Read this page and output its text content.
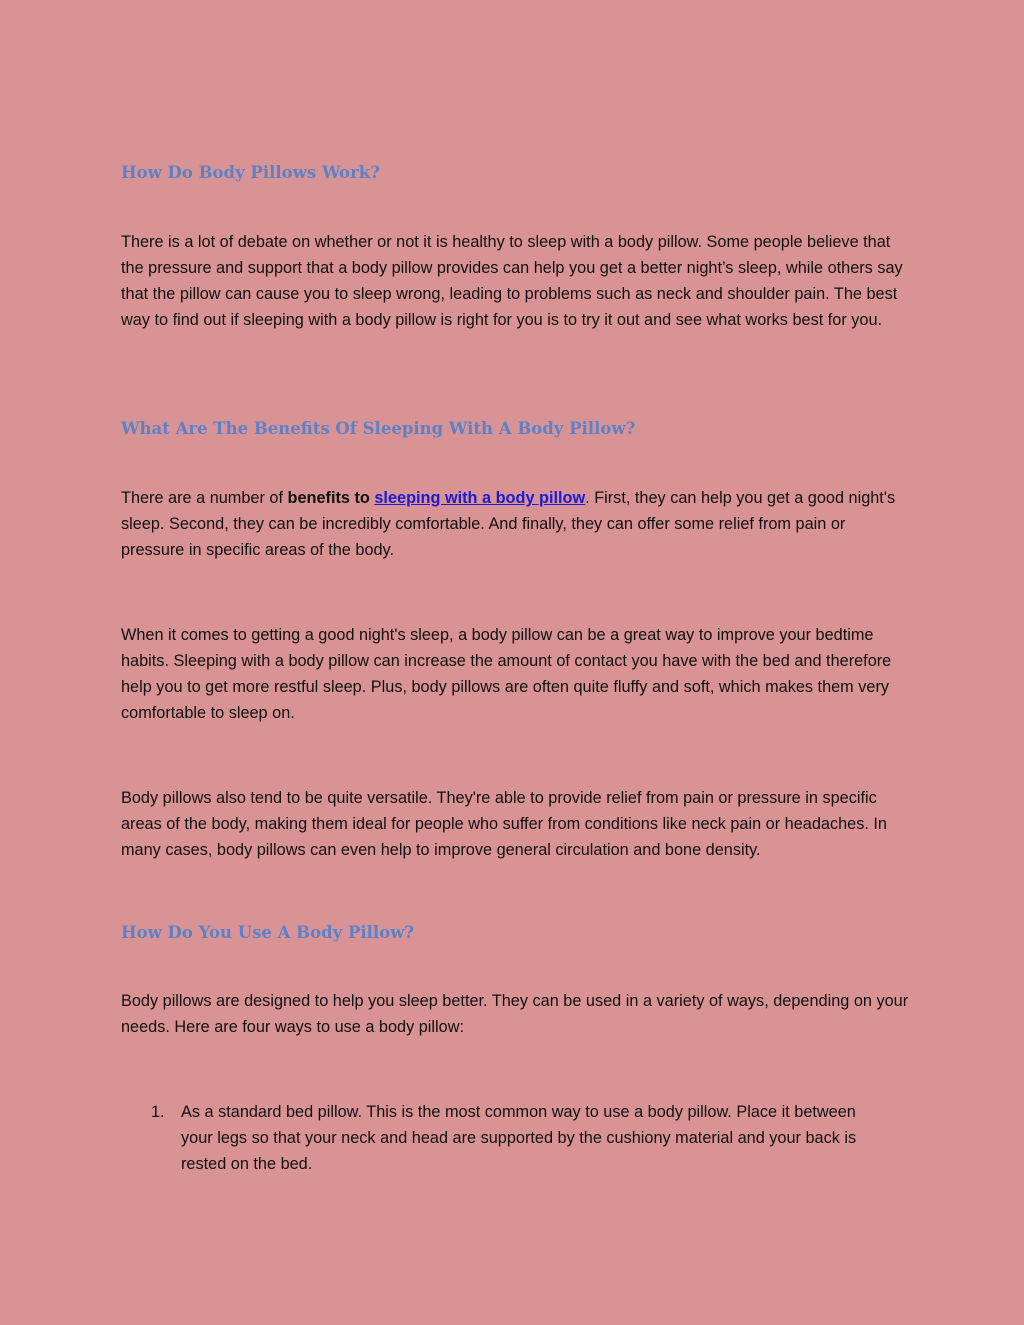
How Do Body Pillows Work?

There is a lot of debate on whether or not it is healthy to sleep with a body pillow. Some people believe that the pressure and support that a body pillow provides can help you get a better night’s sleep, while others say that the pillow can cause you to sleep wrong, leading to problems such as neck and shoulder pain. The best way to find out if sleeping with a body pillow is right for you is to try it out and see what works best for you.

What Are The Benefits Of Sleeping With A Body Pillow?

There are a number of benefits to sleeping with a body pillow. First, they can help you get a good night's sleep. Second, they can be incredibly comfortable. And finally, they can offer some relief from pain or pressure in specific areas of the body.

When it comes to getting a good night's sleep, a body pillow can be a great way to improve your bedtime habits. Sleeping with a body pillow can increase the amount of contact you have with the bed and therefore help you to get more restful sleep. Plus, body pillows are often quite fluffy and soft, which makes them very comfortable to sleep on.

Body pillows also tend to be quite versatile. They're able to provide relief from pain or pressure in specific areas of the body, making them ideal for people who suffer from conditions like neck pain or headaches. In many cases, body pillows can even help to improve general circulation and bone density.

How Do You Use A Body Pillow?

Body pillows are designed to help you sleep better. They can be used in a variety of ways, depending on your needs. Here are four ways to use a body pillow:

1. As a standard bed pillow. This is the most common way to use a body pillow. Place it between your legs so that your neck and head are supported by the cushiony material and your back is rested on the bed.
